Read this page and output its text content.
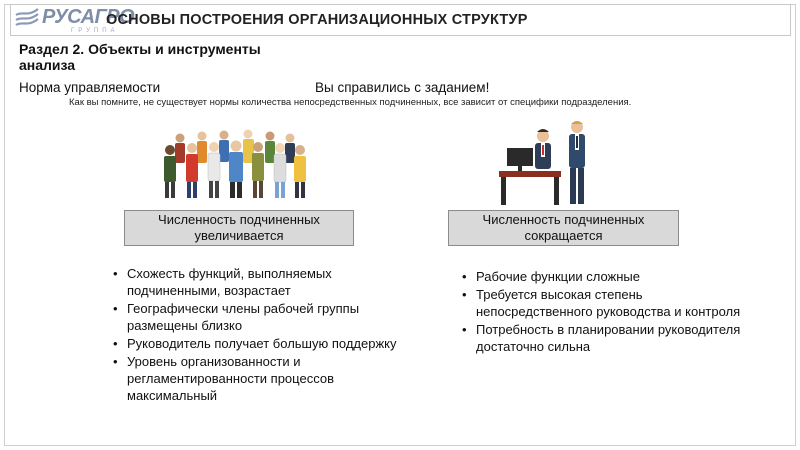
РУСАГРО
ГРУППА
ОСНОВЫ ПОСТРОЕНИЯ ОРГАНИЗАЦИОННЫХ СТРУКТУР
Раздел 2. Объекты и инструменты анализа
Норма управляемости	Вы справились с заданием!
Как вы помните, не существует нормы количества непосредственных подчиненных, все зависит от специфики подразделения.
Численность подчиненных увеличивается
Численность подчиненных сокращается
• Схожесть функций, выполняемых подчиненными, возрастает
• Географически члены рабочей группы размещены близко
• Руководитель получает большую поддержку
• Уровень организованности и регламентированности процессов максимальный
• Рабочие функции сложные
• Требуется высокая степень непосредственного руководства и контроля
• Потребность в планировании руководителя достаточно сильна
